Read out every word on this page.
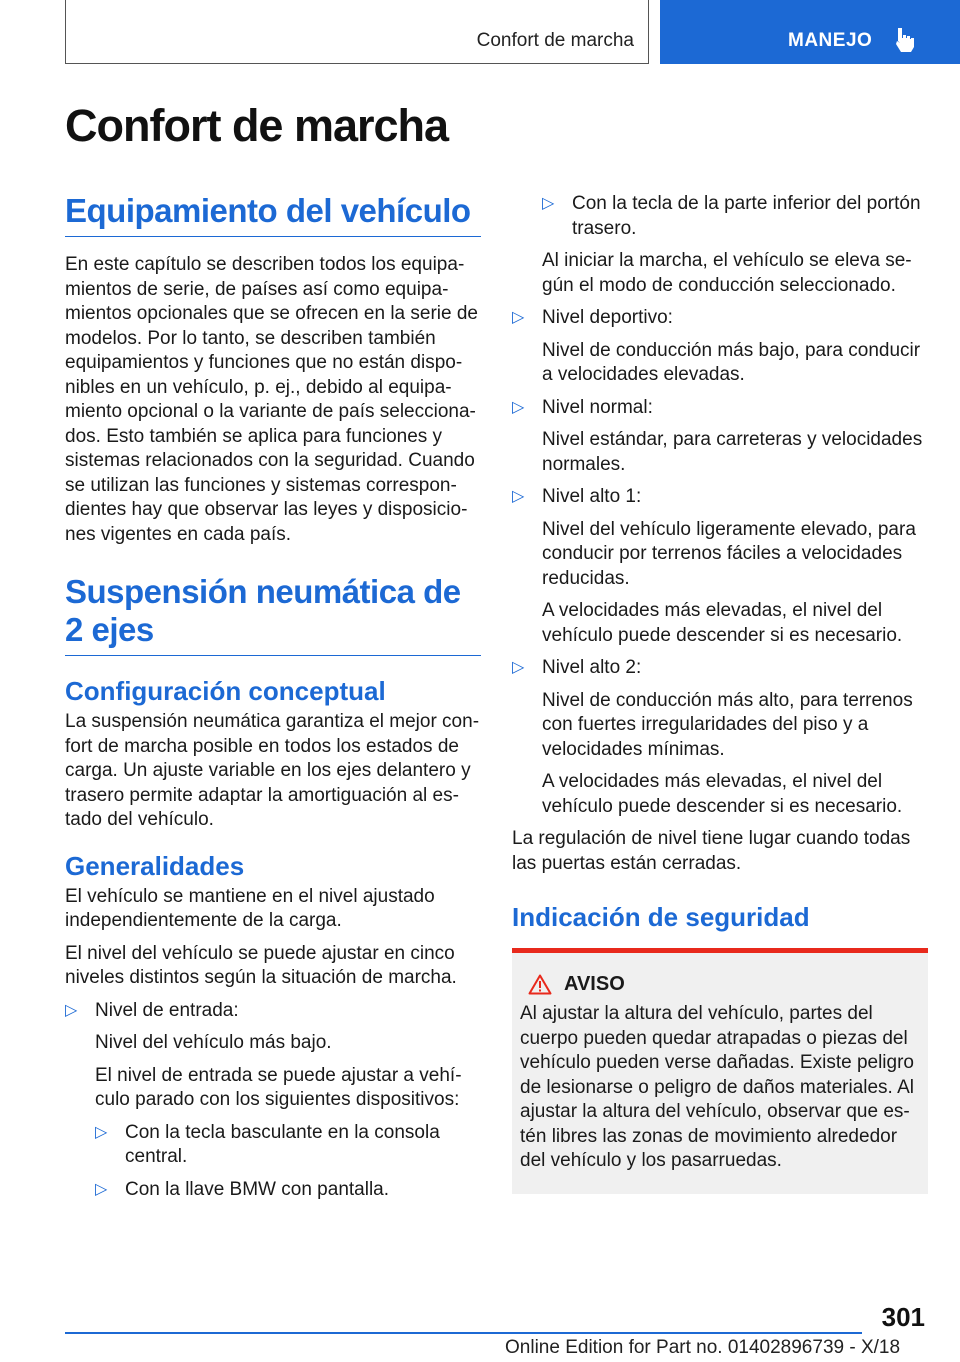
Confort de marcha	MANEJO
Confort de marcha
Equipamiento del vehículo

En este capítulo se describen todos los equipamientos de serie, de países así como equipamientos opcionales que se ofrecen en la serie de modelos. Por lo tanto, se describen también equipamientos y funciones que no están disponibles en un vehículo, p. ej., debido al equipamiento opcional o la variante de país seleccionados. Esto también se aplica para funciones y sistemas relacionados con la seguridad. Cuando se utilizan las funciones y sistemas correspondientes hay que observar las leyes y disposiciones vigentes en cada país.

Suspensión neumática de 2 ejes
Configuración conceptual

La suspensión neumática garantiza el mejor confort de marcha posible en todos los estados de carga. Un ajuste variable en los ejes delantero y trasero permite adaptar la amortiguación al estado del vehículo.

Generalidades

El vehículo se mantiene en el nivel ajustado independientemente de la carga.

El nivel del vehículo se puede ajustar en cinco niveles distintos según la situación de marcha.

▷ Nivel de entrada:

Nivel del vehículo más bajo.

El nivel de entrada se puede ajustar a vehículo parado con los siguientes dispositivos:

▷ Con la tecla basculante en la consola central.

▷ Con la llave BMW con pantalla.

▷ Con la tecla de la parte inferior del portón trasero.

Al iniciar la marcha, el vehículo se eleva según el modo de conducción seleccionado.

▷ Nivel deportivo:

Nivel de conducción más bajo, para conducir a velocidades elevadas.

▷ Nivel normal:

Nivel estándar, para carreteras y velocidades normales.

▷ Nivel alto 1:

Nivel del vehículo ligeramente elevado, para conducir por terrenos fáciles a velocidades reducidas.

A velocidades más elevadas, el nivel del vehículo puede descender si es necesario.

▷ Nivel alto 2:

Nivel de conducción más alto, para terrenos con fuertes irregularidades del piso y a velocidades mínimas.

A velocidades más elevadas, el nivel del vehículo puede descender si es necesario.

La regulación de nivel tiene lugar cuando todas las puertas están cerradas.

Indicación de seguridad
AVISO

Al ajustar la altura del vehículo, partes del cuerpo pueden quedar atrapadas o piezas del vehículo pueden verse dañadas. Existe peligro de lesionarse o peligro de daños materiales. Al ajustar la altura del vehículo, observar que estén libres las zonas de movimiento alrededor del vehículo y los pasarruedas.

301
Online Edition for Part no. 01402896739 - X/18
